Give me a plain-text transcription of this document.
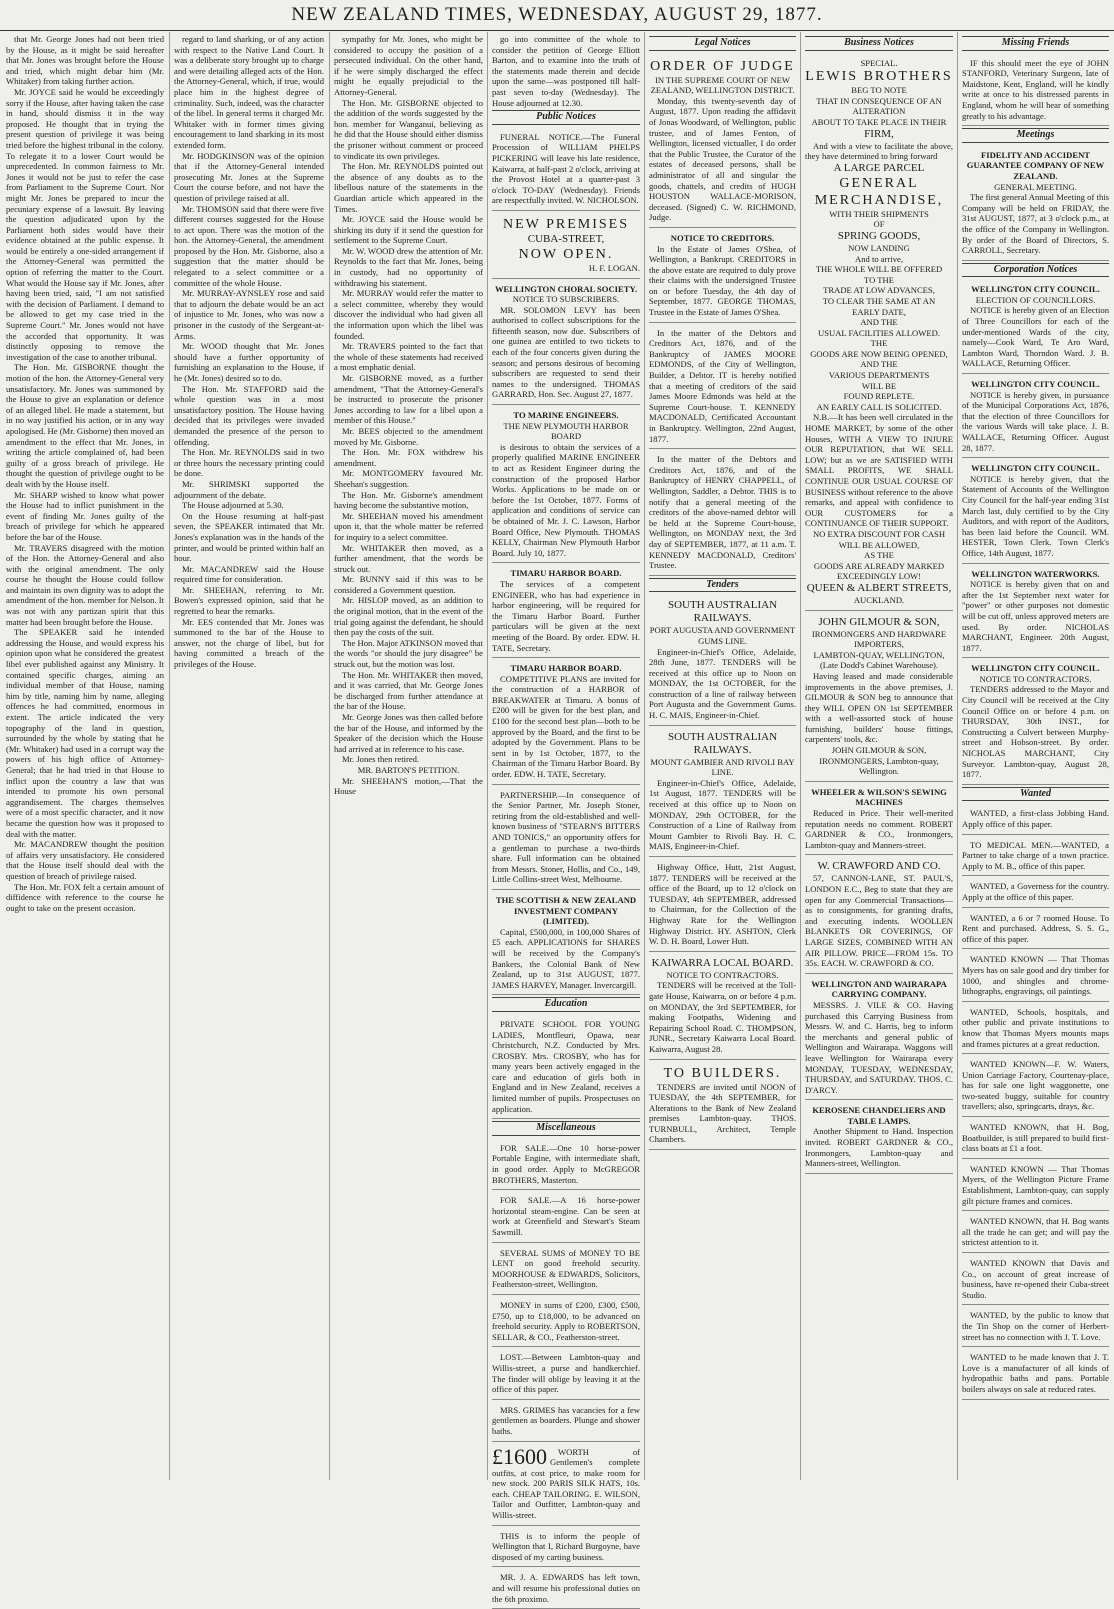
NEW ZEALAND TIMES, WEDNESDAY, AUGUST 29, 1877.

that Mr. George Jones had not been tried by the House, as it might be said hereafter that Mr. Jones was brought before the House and tried, which might debar him (Mr. Whitaker) from taking further action.

Mr. JOYCE said he would be exceedingly sorry if the House, after having taken the case in hand, should dismiss it in the way proposed. He thought that in trying the present question of privilege it was being tried before the highest tribunal in the colony. To relegate it to a lower Court would be unprecedented. In common fairness to Mr. Jones it would not be just to refer the case from Parliament to the Supreme Court. Nor might Mr. Jones be prepared to incur the pecuniary expense of a lawsuit. By leaving the question adjudicated upon by the Parliament both sides would have their evidence obtained at the public expense. It would be entirely a one-sided arrangement if the Attorney-General was permitted the option of referring the matter to the Court. What would the House say if Mr. Jones, after having been tried, said, "I am not satisfied with the decision of Parliament. I demand to be allowed to get my case tried in the Supreme Court." Mr. Jones would not have the accorded that opportunity. It was distinctly opposing to remove the investigation of the case to another tribunal.

The Hon. Mr. GISBORNE thought the motion of the hon. the Attorney-General very unsatisfactory. Mr. Jones was summoned by the House to give an explanation or defence of an alleged libel. He made a statement, but in no way justified his action, or in any way apologised. He (Mr. Gisborne) then moved an amendment to the effect that Mr. Jones, in writing the article complained of, had been guilty of a gross breach of privilege. He thought the question of privilege ought to be dealt with by the House itself.

Mr. SHARP wished to know what power the House had to inflict punishment in the event of finding Mr. Jones guilty of the breach of privilege for which he appeared before the bar of the House.

Mr. TRAVERS disagreed with the motion of the Hon. the Attorney-General and also with the original amendment. The only course he thought the House could follow and maintain its own dignity was to adopt the amendment of the hon. member for Nelson. It was not with any partizan spirit that this matter had been brought before the House.

The SPEAKER said he intended addressing the House, and would express his opinion upon what he considered the greatest libel ever published against any Ministry. It contained specific charges, aiming an individual member of that House, naming him by title, naming him by name, alleging offences he had committed, enormous in extent. The article indicated the very topography of the land in question, surrounded by the whole by stating that he (Mr. Whitaker) had used in a corrupt way the powers of his high office of Attorney-General; that he had tried in that House to inflict upon the country a law that was intended to promote his own personal aggrandisement. The charges themselves were of a most specific character, and it now became the question how was it proposed to deal with the matter.

Mr. MACANDREW thought the position of affairs very unsatisfactory. He considered that the House itself should deal with the question of breach of privilege raised.

The Hon. Mr. FOX felt a certain amount of diffidence with reference to the course he ought to take on the present occasion.

regard to land sharking, or of any action with respect to the Native Land Court. It was a deliberate story brought up to charge and were detailing alleged acts of the Hon. the Attorney-General, which, if true, would place him in the highest degree of criminality. Such, indeed, was the character of the libel. In general terms it charged Mr. Whitaker with in former times giving encouragement to land sharking in its most extended form.

Mr. HODGKINSON was of the opinion that if the Attorney-General intended prosecuting Mr. Jones at the Supreme Court the course before, and not have the question of privilege raised at all.

Mr. THOMSON said that there were five different courses suggested for the House to act upon. There was the motion of the hon. the Attorney-General, the amendment proposed by the Hon. Mr. Gisborne, also a suggestion that the matter should be relegated to a select committee or a committee of the whole House.

Mr. MURRAY-AYNSLEY rose and said that to adjourn the debate would be an act of injustice to Mr. Jones, who was now a prisoner in the custody of the Sergeant-at-Arms.

Mr. WOOD thought that Mr. Jones should have a further opportunity of furnishing an explanation to the House, if he (Mr. Jones) desired so to do.

The Hon. Mr. STAFFORD said the whole question was in a most unsatisfactory position. The House having decided that its privileges were invaded demanded the presence of the person to offending.

The Hon. Mr. REYNOLDS said in two or three hours the necessary printing could be done.

Mr. SHRIMSKI supported the adjournment of the debate.

The House adjourned at 5.30.

On the House resuming at half-past seven, the SPEAKER intimated that Mr. Jones's explanation was in the hands of the printer, and would be printed within half an hour.

Mr. MACANDREW said the House required time for consideration.

Mr. SHEEHAN, referring to Mr. Bowen's expressed opinion, said that he regretted to hear the remarks.

Mr. EES contended that Mr. Jones was summoned to the bar of the House to answer, not the charge of libel, but for having committed a breach of the privileges of the House.

sympathy for Mr. Jones, who might be considered to occupy the position of a persecuted individual. On the other hand, if he were simply discharged the effect might be equally prejudicial to the Attorney-General.

The Hon. Mr. GISBORNE objected to the addition of the words suggested by the hon. member for Wanganui, believing as he did that the House should either dismiss the prisoner without comment or proceed to vindicate its own privileges.

The Hon. Mr. REYNOLDS pointed out the absence of any doubts as to the libellous nature of the statements in the Guardian article which appeared in the Times.

Mr. JOYCE said the House would be shirking its duty if it send the question for settlement to the Supreme Court.

Mr. W. WOOD drew the attention of Mr. Reynolds to the fact that Mr. Jones, being in custody, had no opportunity of withdrawing his statement.

Mr. MURRAY would refer the matter to a select committee, whereby they would discover the individual who had given all the information upon which the libel was founded.

Mr. TRAVERS pointed to the fact that the whole of these statements had received a most emphatic denial.

Mr. GISBORNE moved, as a further amendment, "That the Attorney-General's be instructed to prosecute the prisoner Jones according to law for a libel upon a member of this House."

Mr. BEES objected to the amendment moved by Mr. Gisborne.

The Hon. Mr. FOX withdrew his amendment.

Mr. MONTGOMERY favoured Mr. Sheehan's suggestion.

The Hon. Mr. Gisborne's amendment having become the substantive motion,

Mr. SHEEHAN moved his amendment upon it, that the whole matter be referred for inquiry to a select committee.

Mr. WHITAKER then moved, as a further amendment, that the words be struck out.

Mr. BUNNY said if this was to be considered a Government question.

Mr. HISLOP moved, as an addition to the original motion, that in the event of the trial going against the defendant, he should then pay the costs of the suit.

The Hon. Major ATKINSON moved that the words "or should the jury disagree" be struck out, but the motion was lost.

The Hon. Mr. WHITAKER then moved, and it was carried, that Mr. George Jones be discharged from further attendance at the bar of the House.

Mr. George Jones was then called before the bar of the House, and informed by the Speaker of the decision which the House had arrived at in reference to his case.

Mr. Jones then retired.

MR. BARTON'S PETITION.

Mr. SHEEHAN'S motion,—That the House

go into committee of the whole to consider the petition of George Elliott Barton, and to examine into the truth of the statements made therein and decide upon the same—was postponed till half-past seven to-day (Wednesday). The House adjourned at 12.30.

Public Notices

FUNERAL NOTICE.—The Funeral Procession of WILLIAM PHELPS PICKERING will leave his late residence, Kaiwarra, at half-past 2 o'clock, arriving at the Provost Hotel at a quarter-past 3 o'clock TO-DAY (Wednesday). Friends are respectfully invited. W. NICHOLSON.

NEW PREMISES

CUBA-STREET,

NOW OPEN.

H. F. LOGAN.

WELLINGTON CHORAL SOCIETY.

NOTICE TO SUBSCRIBERS.

MR. SOLOMON LEVY has been authorised to collect subscriptions for the fifteenth season, now due. Subscribers of one guinea are entitled to two tickets to each of the four concerts given during the season; and persons desirous of becoming subscribers are requested to send their names to the undersigned. THOMAS GARRARD, Hon. Sec. August 27, 1877.

TO MARINE ENGINEERS.

THE NEW PLYMOUTH HARBOR BOARD

is desirous to obtain the services of a properly qualified MARINE ENGINEER to act as Resident Engineer during the construction of the proposed Harbor Works. Applications to be made on or before the 1st October, 1877. Forms of application and conditions of service can be obtained of Mr. J. C. Lawson, Harbor Board Office, New Plymouth. THOMAS KELLY, Chairman New Plymouth Harbor Board. July 10, 1877.

TIMARU HARBOR BOARD.

The services of a competent ENGINEER, who has had experience in harbor engineering, will be required for the Timaru Harbor Board. Further particulars will be given at the next meeting of the Board. By order. EDW. H. TATE, Secretary.

TIMARU HARBOR BOARD.

COMPETITIVE PLANS are invited for the construction of a HARBOR of BREAKWATER at Timaru. A bonus of £200 will be given for the best plan, and £100 for the second best plan—both to be approved by the Board, and the first to be adopted by the Government. Plans to be sent in by 1st October, 1877, to the Chairman of the Timaru Harbor Board. By order. EDW. H. TATE, Secretary.

PARTNERSHIP.—In consequence of the Senior Partner, Mr. Joseph Stoner, retiring from the old-established and well-known business of "STEARN'S BITTERS AND TONICS," an opportunity offers for a gentleman to purchase a two-thirds share. Full information can be obtained from Messrs. Stoner, Hollis, and Co., 149, Little Collins-street West, Melbourne.

THE SCOTTISH & NEW ZEALAND INVESTMENT COMPANY (LIMITED).

Capital, £500,000, in 100,000 Shares of £5 each. APPLICATIONS for SHARES will be received by the Company's Bankers, the Colonial Bank of New Zealand, up to 31st AUGUST, 1877. JAMES HARVEY, Manager. Invercargill.

Education

PRIVATE SCHOOL FOR YOUNG LADIES, Montfleuri, Opawa, near Christchurch, N.Z. Conducted by Mrs. CROSBY. Mrs. CROSBY, who has for many years been actively engaged in the care and education of girls both in England and in New Zealand, receives a limited number of pupils. Prospectuses on application.

Miscellaneous

FOR SALE.—One 10 horse-power Portable Engine, with intermediate shaft, in good order. Apply to McGREGOR BROTHERS, Masterton.

FOR SALE.—A 16 horse-power horizontal steam-engine. Can be seen at work at Greenfield and Stewart's Steam Sawmill.

SEVERAL SUMS of MONEY TO BE LENT on good freehold security. MOORHOUSE & EDWARDS, Solicitors, Featherston-street, Wellington.

MONEY in sums of £200, £300, £500, £750, up to £18,000, to be advanced on freehold security. Apply to ROBERTSON, SELLAR, & CO., Featherston-street.

LOST.—Between Lambton-quay and Willis-street, a purse and handkerchief. The finder will oblige by leaving it at the office of this paper.

MRS. GRIMES has vacancies for a few gentlemen as boarders. Plunge and shower baths.

£1600	WORTH of Gentlemen's complete outfits, at cost price, to make room for new stock. 200 PARIS SILK HATS, 10s. each. CHEAP TAILORING. E. WILSON, Tailor and Outfitter, Lambton-quay and Willis-street.

THIS is to inform the people of Wellington that I, Richard Burgoyne, have disposed of my carting business.

MR. J. A. EDWARDS has left town, and will resume his professional duties on the 6th proximo.

Legal Notices

ORDER OF JUDGE

IN THE SUPREME COURT OF NEW ZEALAND, WELLINGTON DISTRICT.

Monday, this twenty-seventh day of August, 1877. Upon reading the affidavit of Jonas Woodward, of Wellington, public trustee, and of James Fenton, of Wellington, licensed victualler, I do order that the Public Trustee, the Curator of the estates of deceased persons, shall be administrator of all and singular the goods, chattels, and credits of HUGH HOUSTON WALLACE-MORISON, deceased. (Signed) C. W. RICHMOND, Judge.

NOTICE TO CREDITORS.

In the Estate of James O'Shea, of Wellington, a Bankrupt. CREDITORS in the above estate are required to duly prove their claims with the undersigned Trustee on or before Tuesday, the 4th day of September, 1877. GEORGE THOMAS, Trustee in the Estate of James O'Shea.

In the matter of the Debtors and Creditors Act, 1876, and of the Bankruptcy of JAMES MOORE EDMONDS, of the City of Wellington, Builder, a Debtor. IT is hereby notified that a meeting of creditors of the said James Moore Edmonds was held at the Supreme Court-house. T. KENNEDY MACDONALD, Certificated Accountant in Bankruptcy. Wellington, 22nd August, 1877.

In the matter of the Debtors and Creditors Act, 1876, and of the Bankruptcy of HENRY CHAPPELL, of Wellington, Saddler, a Debtor. THIS is to notify that a general meeting of the creditors of the above-named debtor will be held at the Supreme Court-house, Wellington, on MONDAY next, the 3rd day of SEPTEMBER, 1877, at 11 a.m. T. KENNEDY MACDONALD, Creditors' Trustee.

Tenders

SOUTH AUSTRALIAN RAILWAYS.

PORT AUGUSTA AND GOVERNMENT GUMS LINE.

Engineer-in-Chief's Office, Adelaide, 28th June, 1877. TENDERS will be received at this office up to Noon on MONDAY, the 1st OCTOBER, for the construction of a line of railway between Port Augusta and the Government Gums. H. C. MAIS, Engineer-in-Chief.

SOUTH AUSTRALIAN RAILWAYS.

MOUNT GAMBIER AND RIVOLI BAY LINE.

Engineer-in-Chief's Office, Adelaide, 1st August, 1877. TENDERS will be received at this office up to Noon on MONDAY, 29th OCTOBER, for the Construction of a Line of Railway from Mount Gambier to Rivoli Bay. H. C. MAIS, Engineer-in-Chief.

Highway Office, Hutt, 21st August, 1877. TENDERS will be received at the office of the Board, up to 12 o'clock on TUESDAY, 4th SEPTEMBER, addressed to Chairman, for the Collection of the Highway Rate for the Wellington Highway District. HY. ASHTON, Clerk W. D. H. Board, Lower Hutt.

KAIWARRA LOCAL BOARD.

NOTICE TO CONTRACTORS.

TENDERS will be received at the Toll-gate House, Kaiwarra, on or before 4 p.m. on MONDAY, the 3rd SEPTEMBER, for making Footpaths, Widening and Repairing School Road. C. THOMPSON, JUNR., Secretary Kaiwarra Local Board. Kaiwarra, August 28.

TO BUILDERS.

TENDERS are invited until NOON of TUESDAY, the 4th SEPTEMBER, for Alterations to the Bank of New Zealand premises Lambton-quay. THOS. TURNBULL, Architect, Temple Chambers.

Business Notices

SPECIAL.

LEWIS BROTHERS

BEG TO NOTE

THAT IN CONSEQUENCE OF AN ALTERATION

ABOUT TO TAKE PLACE IN THEIR

FIRM,

And with a view to facilitate the above, they have determined to bring forward

A LARGE PARCEL

GENERAL MERCHANDISE,

WITH THEIR SHIPMENTS

OF

SPRING GOODS,

NOW LANDING

And to arrive,

THE WHOLE WILL BE OFFERED

TO THE

TRADE AT LOW ADVANCES,

TO CLEAR THE SAME AT AN

EARLY DATE,

AND THE

USUAL FACILITIES ALLOWED.

THE

GOODS ARE NOW BEING OPENED,

AND THE

VARIOUS DEPARTMENTS

WILL BE

FOUND REPLETE.

AN EARLY CALL IS SOLICITED.

N.B.—It has been well circulated in the HOME MARKET, by some of the other Houses, WITH A VIEW TO INJURE OUR REPUTATION, that WE SELL LOW; but as we are SATISFIED WITH SMALL PROFITS, WE SHALL CONTINUE OUR USUAL COURSE OF BUSINESS without reference to the above remarks, and appeal with confidence to OUR CUSTOMERS for a CONTINUANCE OF THEIR SUPPORT.

NO EXTRA DISCOUNT FOR CASH

WILL BE ALLOWED,

AS THE

GOODS ARE ALREADY MARKED

EXCEEDINGLY LOW!

QUEEN & ALBERT STREETS,

AUCKLAND.

JOHN GILMOUR & SON,

IRONMONGERS AND HARDWARE IMPORTERS,

LAMBTON-QUAY, WELLINGTON, (Late Dodd's Cabinet Warehouse).

Having leased and made considerable improvements in the above premises, J. GILMOUR & SON beg to announce that they WILL OPEN ON 1st SEPTEMBER with a well-assorted stock of house furnishing, builders' house fittings, carpenters' tools, &c.

JOHN GILMOUR & SON, IRONMONGERS, Lambton-quay, Wellington.

WHEELER & WILSON'S SEWING MACHINES

Reduced in Price. Their well-merited reputation needs no comment. ROBERT GARDNER & CO., Ironmongers, Lambton-quay and Manners-street.

W. CRAWFORD AND CO.

57, CANNON-LANE, ST. PAUL'S, LONDON E.C., Beg to state that they are open for any Commercial Transactions—as to consignments, for granting drafts, and executing indents. WOOLLEN BLANKETS OR COVERINGS, OF LARGE SIZES, COMBINED WITH AN AIR PILLOW. PRICE—FROM 15s. TO 35s. EACH. W. CRAWFORD & CO.

WELLINGTON AND WAIRARAPA CARRYING COMPANY.

MESSRS. J. VILE & CO. Having purchased this Carrying Business from Messrs. W. and C. Harris, beg to inform the merchants and general public of Wellington and Wairarapa. Waggons will leave Wellington for Wairarapa every MONDAY, TUESDAY, WEDNESDAY, THURSDAY, and SATURDAY. THOS. C. D'ARCY.

KEROSENE CHANDELIERS AND TABLE LAMPS.

Another Shipment to Hand. Inspection invited. ROBERT GARDNER & CO., Ironmongers, Lambton-quay and Manners-street, Wellington.

Missing Friends

IF this should meet the eye of JOHN STANFORD, Veterinary Surgeon, late of Maidstone, Kent, England, will he kindly write at once to his distressed parents in England, whom he will hear of something greatly to his advantage.

Meetings

FIDELITY AND ACCIDENT GUARANTEE COMPANY OF NEW ZEALAND.

GENERAL MEETING.

The first general Annual Meeting of this Company will be held on FRIDAY, the 31st AUGUST, 1877, at 3 o'clock p.m., at the office of the Company in Wellington. By order of the Board of Directors, S. CARROLL, Secretary.

Corporation Notices

WELLINGTON CITY COUNCIL.

ELECTION OF COUNCILLORS.

NOTICE is hereby given of an Election of Three Councillors for each of the under-mentioned Wards of the city, namely—Cook Ward, Te Aro Ward, Lambton Ward, Thorndon Ward. J. B. WALLACE, Returning Officer.

WELLINGTON CITY COUNCIL.

NOTICE is hereby given, in pursuance of the Municipal Corporations Act, 1876, that the election of three Councillors for the various Wards will take place. J. B. WALLACE, Returning Officer. August 28, 1877.

WELLINGTON CITY COUNCIL.

NOTICE is hereby given, that the Statement of Accounts of the Wellington City Council for the half-year ending 31st March last, duly certified to by the City Auditors, and with report of the Auditors, has been laid before the Council. WM. HESTER, Town Clerk. Town Clerk's Office, 14th August, 1877.

WELLINGTON WATERWORKS.

NOTICE is hereby given that on and after the 1st September next water for "power" or other purposes not domestic will be cut off, unless approved meters are used. By order. NICHOLAS MARCHANT, Engineer. 20th August, 1877.

WELLINGTON CITY COUNCIL.

NOTICE TO CONTRACTORS.

TENDERS addressed to the Mayor and City Council will be received at the City Council Office on or before 4 p.m. on THURSDAY, 30th INST., for Constructing a Culvert between Murphy-street and Hobson-street. By order. NICHOLAS MARCHANT, City Surveyor. Lambton-quay, August 28, 1877.

Wanted

WANTED, a first-class Jobbing Hand. Apply office of this paper.

TO MEDICAL MEN.—WANTED, a Partner to take charge of a town practice. Apply to M. B., office of this paper.

WANTED, a Governess for the country. Apply at the office of this paper.

WANTED, a 6 or 7 roomed House. To Rent and purchased. Address, S. S. G., office of this paper.

WANTED KNOWN — That Thomas Myers has on sale good and dry timber for 1000, and shingles and chrome-lithographs, engravings, oil paintings.

WANTED, Schools, hospitals, and other public and private institutions to know that Thomas Myers mounts maps and frames pictures at a great reduction.

WANTED KNOWN—F. W. Waters, Union Carriage Factory, Courtenay-place, has for sale one light waggonette, one two-seated buggy, suitable for country travellers; also, springcarts, drays, &c.

WANTED KNOWN, that H. Bog, Boatbuilder, is still prepared to build first-class boats at £1 a foot.

WANTED KNOWN — That Thomas Myers, of the Wellington Picture Frame Establishment, Lambton-quay, can supply gilt picture frames and cornices.

WANTED KNOWN, that H. Bog wants all the trade he can get; and will pay the strictest attention to it.

WANTED KNOWN that Davis and Co., on account of great increase of business, have re-opened their Cuba-street Studio.

WANTED, by the public to know that the Tin Shop on the corner of Herbert-street has no connection with J. T. Love.

WANTED to be made known that J. T. Love is a manufacturer of all kinds of hydropathic baths and pans. Portable boilers always on sale at reduced rates.
